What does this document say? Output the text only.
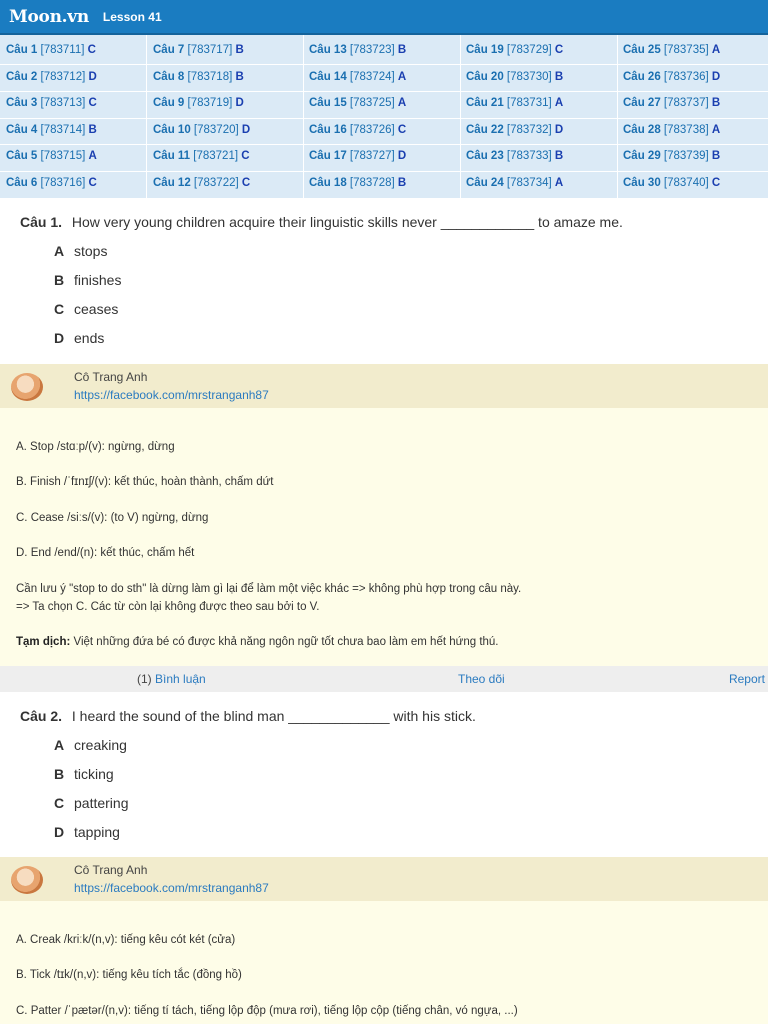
Moon.vn Lesson 41
Câu 1 [783711] C
Câu 2 [783712] D
Câu 3 [783713] C
Câu 4 [783714] B
Câu 5 [783715] A
Câu 6 [783716] C
Câu 7 [783717] B
Câu 8 [783718] B
Câu 9 [783719] D
Câu 10 [783720] D
Câu 11 [783721] C
Câu 12 [783722] C
Câu 13 [783723] B
Câu 14 [783724] A
Câu 15 [783725] A
Câu 16 [783726] C
Câu 17 [783727] D
Câu 18 [783728] B
Câu 19 [783729] C
Câu 20 [783730] B
Câu 21 [783731] A
Câu 22 [783732] D
Câu 23 [783733] B
Câu 24 [783734] A
Câu 25 [783735] A
Câu 26 [783736] D
Câu 27 [783737] B
Câu 28 [783738] A
Câu 29 [783739] B
Câu 30 [783740] C
Câu 1. How very young children acquire their linguistic skills never ____________ to amaze me.
A stops
B finishes
C ceases
D ends
Cô Trang Anh
https://facebook.com/mrstranganh87
A. Stop /stɑːp/(v): ngừng, dừng
B. Finish /ˈfɪnɪʃ/(v): kết thúc, hoàn thành, chấm dứt
C. Cease /siːs/(v): (to V) ngừng, dừng
D. End /end/(n): kết thúc, chấm hết
Cần lưu ý "stop to do sth" là dừng làm gì lại để làm một việc khác => không phù hợp trong câu này.
=> Ta chọn C. Các từ còn lại không được theo sau bởi to V.
Tạm dịch: Việt những đứa bé có được khả năng ngôn ngữ tốt chưa bao làm em hết hứng thú.
(1) Bình luận	Theo dõi	Report
Câu 2. I heard the sound of the blind man _____________ with his stick.
A creaking
B ticking
C pattering
D tapping
Cô Trang Anh
https://facebook.com/mrstranganh87
A. Creak /kriːk/(n,v): tiếng kêu cót két (cửa)
B. Tick /tɪk/(n,v): tiếng kêu tích tắc (đồng hồ)
C. Patter /ˈpætər/(n,v): tiếng tí tách, tiếng lộp độp (mưa rơi), tiếng lộp cộp (tiếng chân, vó ngựa, ...)
